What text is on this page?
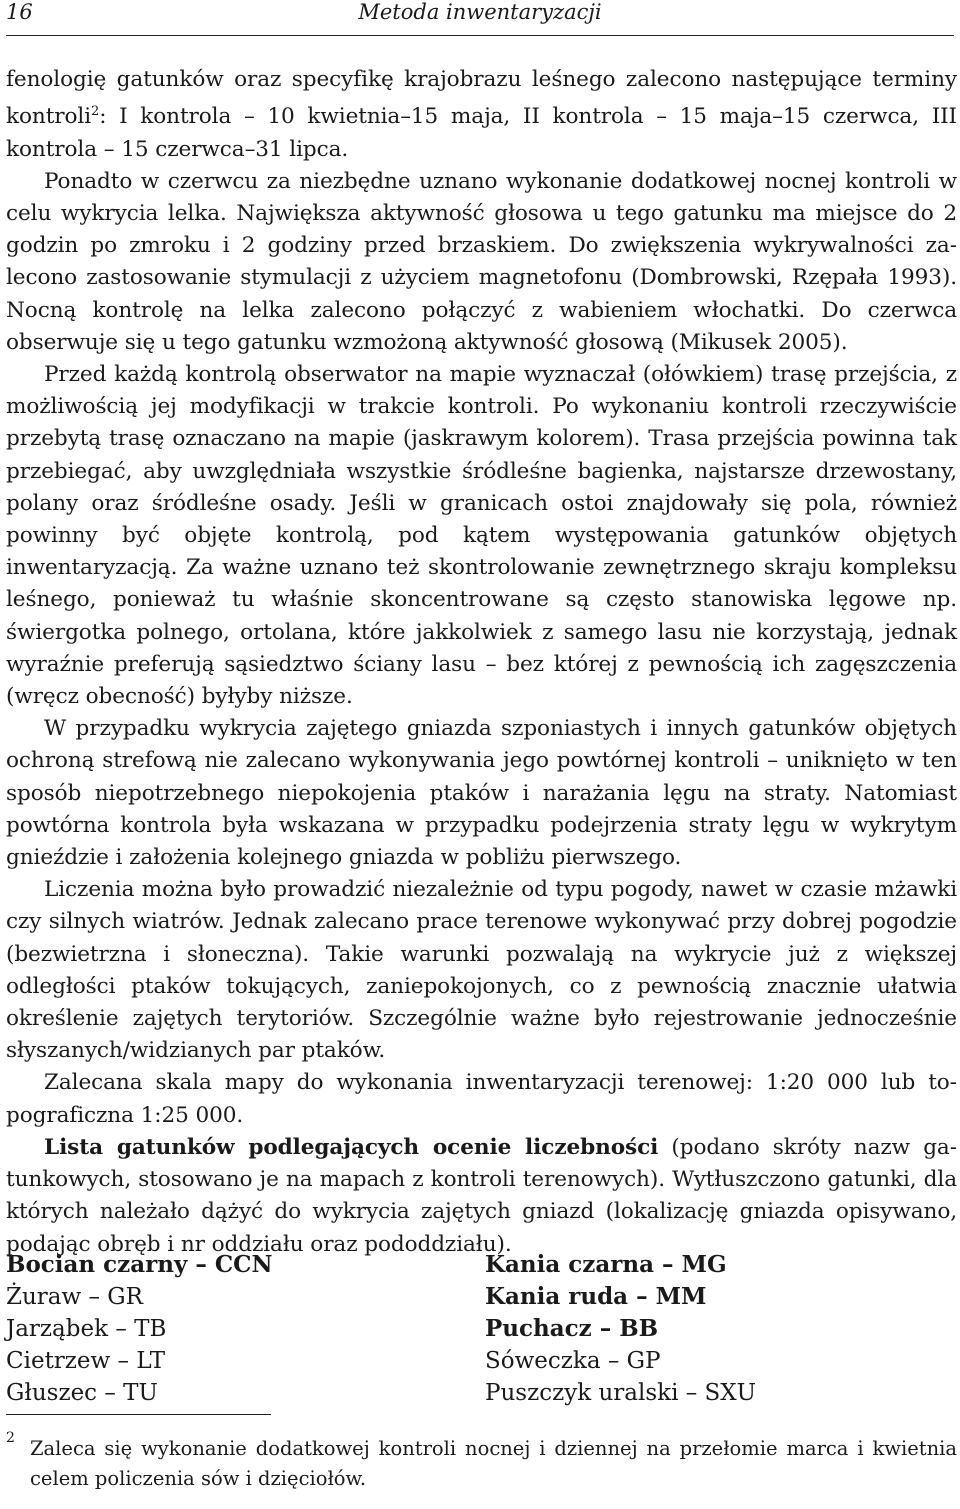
16	Metoda inwentaryzacji

fenologię gatunków oraz specyfikę krajobrazu leśnego zalecono następujące terminy kontroli$^2$: I kontrola – 10 kwietnia–15 maja, II kontrola – 15 maja–15 czerwca, III kontrola – 15 czerwca–31 lipca.

Ponadto w czerwcu za niezbędne uznano wykonanie dodatkowej nocnej kontroli w celu wykrycia lelka. Największa aktywność głosowa u tego gatunku ma miejsce do 2 godzin po zmroku i 2 godziny przed brzaskiem. Do zwiększenia wykrywalności zalecono zastosowanie stymulacji z użyciem magnetofonu (Dombrowski, Rzępała 1993). Nocną kontrolę na lelka zalecono połączyć z wabieniem włochatki. Do czerwca obserwuje się u tego gatunku wzmożoną aktywność głosową (Mikusek 2005).

Przed każdą kontrolą obserwator na mapie wyznaczał (ołówkiem) trasę przejścia, z możliwością jej modyfikacji w trakcie kontroli. Po wykonaniu kontroli rzeczywiście przebytą trasę oznaczano na mapie (jaskrawym kolorem). Trasa przejścia powinna tak przebiegać, aby uwzględniała wszystkie śródleśne bagienka, najstarsze drzewostany, polany oraz śródleśne osady. Jeśli w granicach ostoi znajdowały się pola, również powinny być objęte kontrolą, pod kątem występowania gatunków objętych inwentaryzacją. Za ważne uznano też skontrolowanie zewnętrznego skraju kompleksu leśnego, ponieważ tu właśnie skoncentrowane są często stanowiska lęgowe np. świergotka polnego, ortolana, które jakkolwiek z samego lasu nie korzystają, jednak wyraźnie preferują sąsiedztwo ściany lasu – bez której z pewnością ich zagęszczenia (wręcz obecność) byłyby niższe.

W przypadku wykrycia zajętego gniazda szponiastych i innych gatunków objętych ochroną strefową nie zalecano wykonywania jego powtórnej kontroli – uniknięto w ten sposób niepotrzebnego niepokojenia ptaków i narażania lęgu na straty. Natomiast powtórna kontrola była wskazana w przypadku podejrzenia straty lęgu w wykrytym gnieździe i założenia kolejnego gniazda w pobliżu pierwszego.

Liczenia można było prowadzić niezależnie od typu pogody, nawet w czasie mżawki czy silnych wiatrów. Jednak zalecano prace terenowe wykonywać przy dobrej pogodzie (bezwietrzna i słoneczna). Takie warunki pozwalają na wykrycie już z większej odległości ptaków tokujących, zaniepokojonych, co z pewnością znacznie ułatwia określenie zajętych terytoriów. Szczególnie ważne było rejestrowanie jednocześnie słyszanych/widzianych par ptaków.

Zalecana skala mapy do wykonania inwentaryzacji terenowej: 1:20 000 lub topograficzna 1:25 000.

Lista gatunków podlegających ocenie liczebności (podano skróty nazw gatunkowych, stosowano je na mapach z kontroli terenowych). Wytłuszczono gatunki, dla których należało dążyć do wykrycia zajętych gniazd (lokalizację gniazda opisywano, podając obręb i nr oddziału oraz pododdziału).

Bocian czarny – CCN	Kania czarna – MG
Żuraw – GR	Kania ruda – MM
Jarząbek – TB	Puchacz – BB
Cietrzew – LT	Sóweczka – GP
Głuszec – TU	Puszczyk uralski – SXU
2 Zaleca się wykonanie dodatkowej kontroli nocnej i dziennej na przełomie marca i kwietnia celem policzenia sów i dzięciołów.
